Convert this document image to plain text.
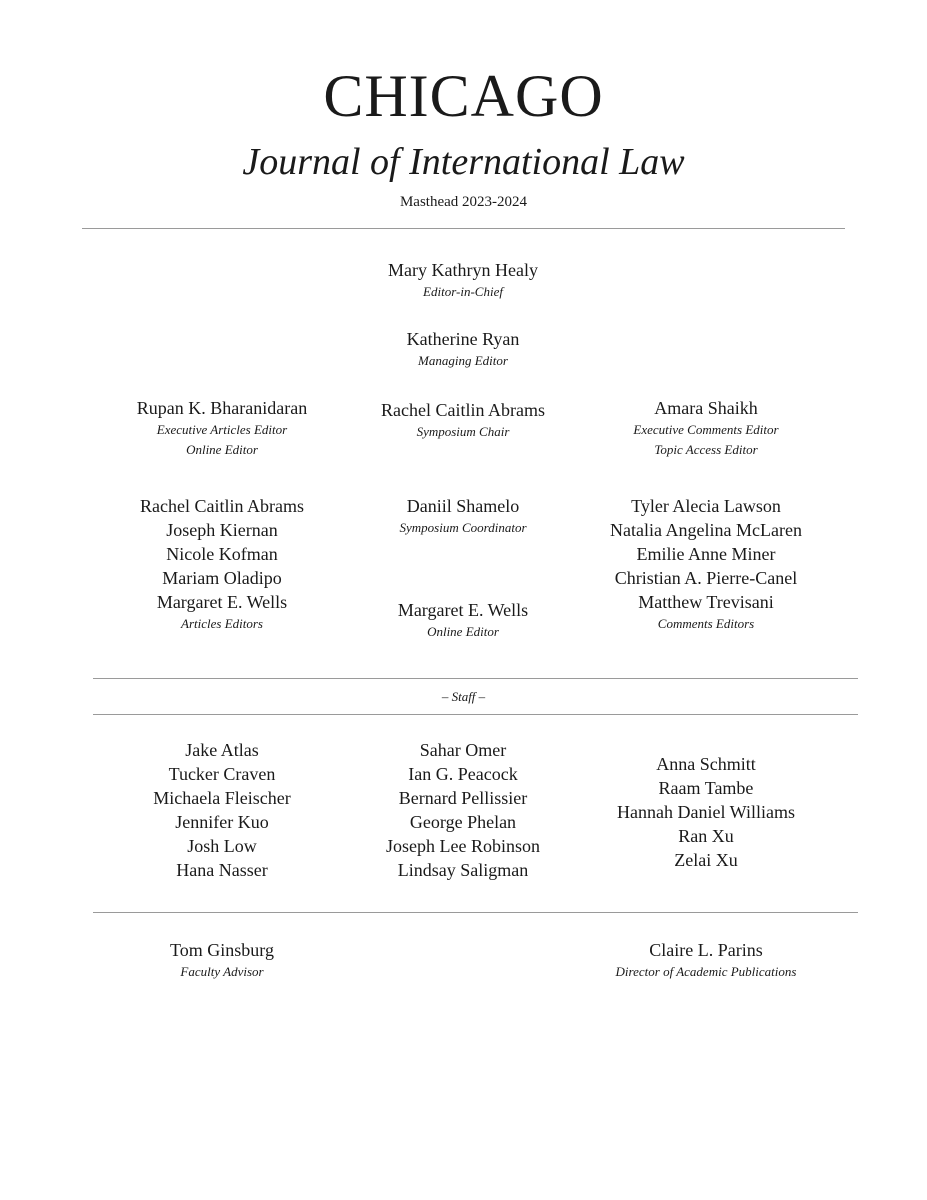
CHICAGO
Journal of International Law
Masthead 2023-2024
Mary Kathryn Healy
Editor-in-Chief
Katherine Ryan
Managing Editor
Rupan K. Bharanidaran
Executive Articles Editor
Online Editor
Rachel Caitlin Abrams
Symposium Chair
Amara Shaikh
Executive Comments Editor
Topic Access Editor
Rachel Caitlin Abrams
Joseph Kiernan
Nicole Kofman
Mariam Oladipo
Margaret E. Wells
Articles Editors
Daniil Shamelo
Symposium Coordinator
Margaret E. Wells
Online Editor
Tyler Alecia Lawson
Natalia Angelina McLaren
Emilie Anne Miner
Christian A. Pierre-Canel
Matthew Trevisani
Comments Editors
– Staff –
Jake Atlas
Tucker Craven
Michaela Fleischer
Jennifer Kuo
Josh Low
Hana Nasser
Sahar Omer
Ian G. Peacock
Bernard Pellissier
George Phelan
Joseph Lee Robinson
Lindsay Saligman
Anna Schmitt
Raam Tambe
Hannah Daniel Williams
Ran Xu
Zelai Xu
Tom Ginsburg
Faculty Advisor
Claire L. Parins
Director of Academic Publications
